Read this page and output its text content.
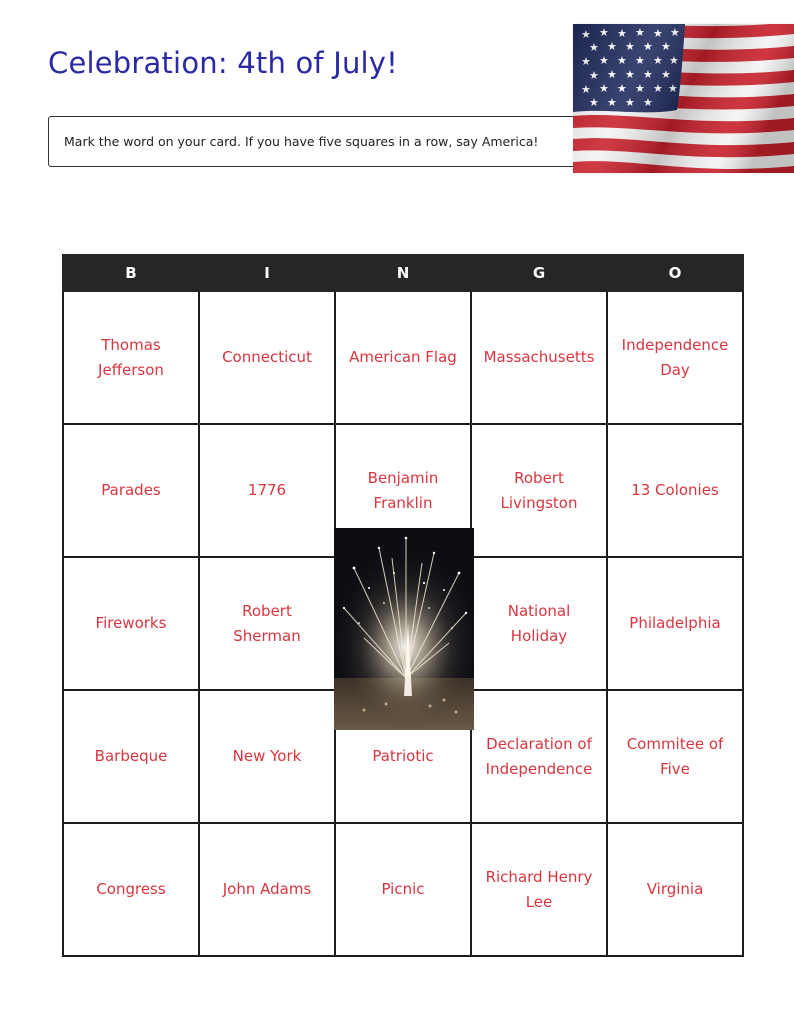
Celebration: 4th of July!
Mark the word on your card. If you have five squares in a row, say America!
B	I	N	G	O
Thomas Jefferson	Connecticut	American Flag	Massachusetts	Independence Day
Parades	1776	Benjamin Franklin	Robert Livingston	13 Colonies
Fireworks	Robert Sherman		National Holiday	Philadelphia
Barbeque	New York	Patriotic	Declaration of Independence	Commitee of Five
Congress	John Adams	Picnic	Richard Henry Lee	Virginia
